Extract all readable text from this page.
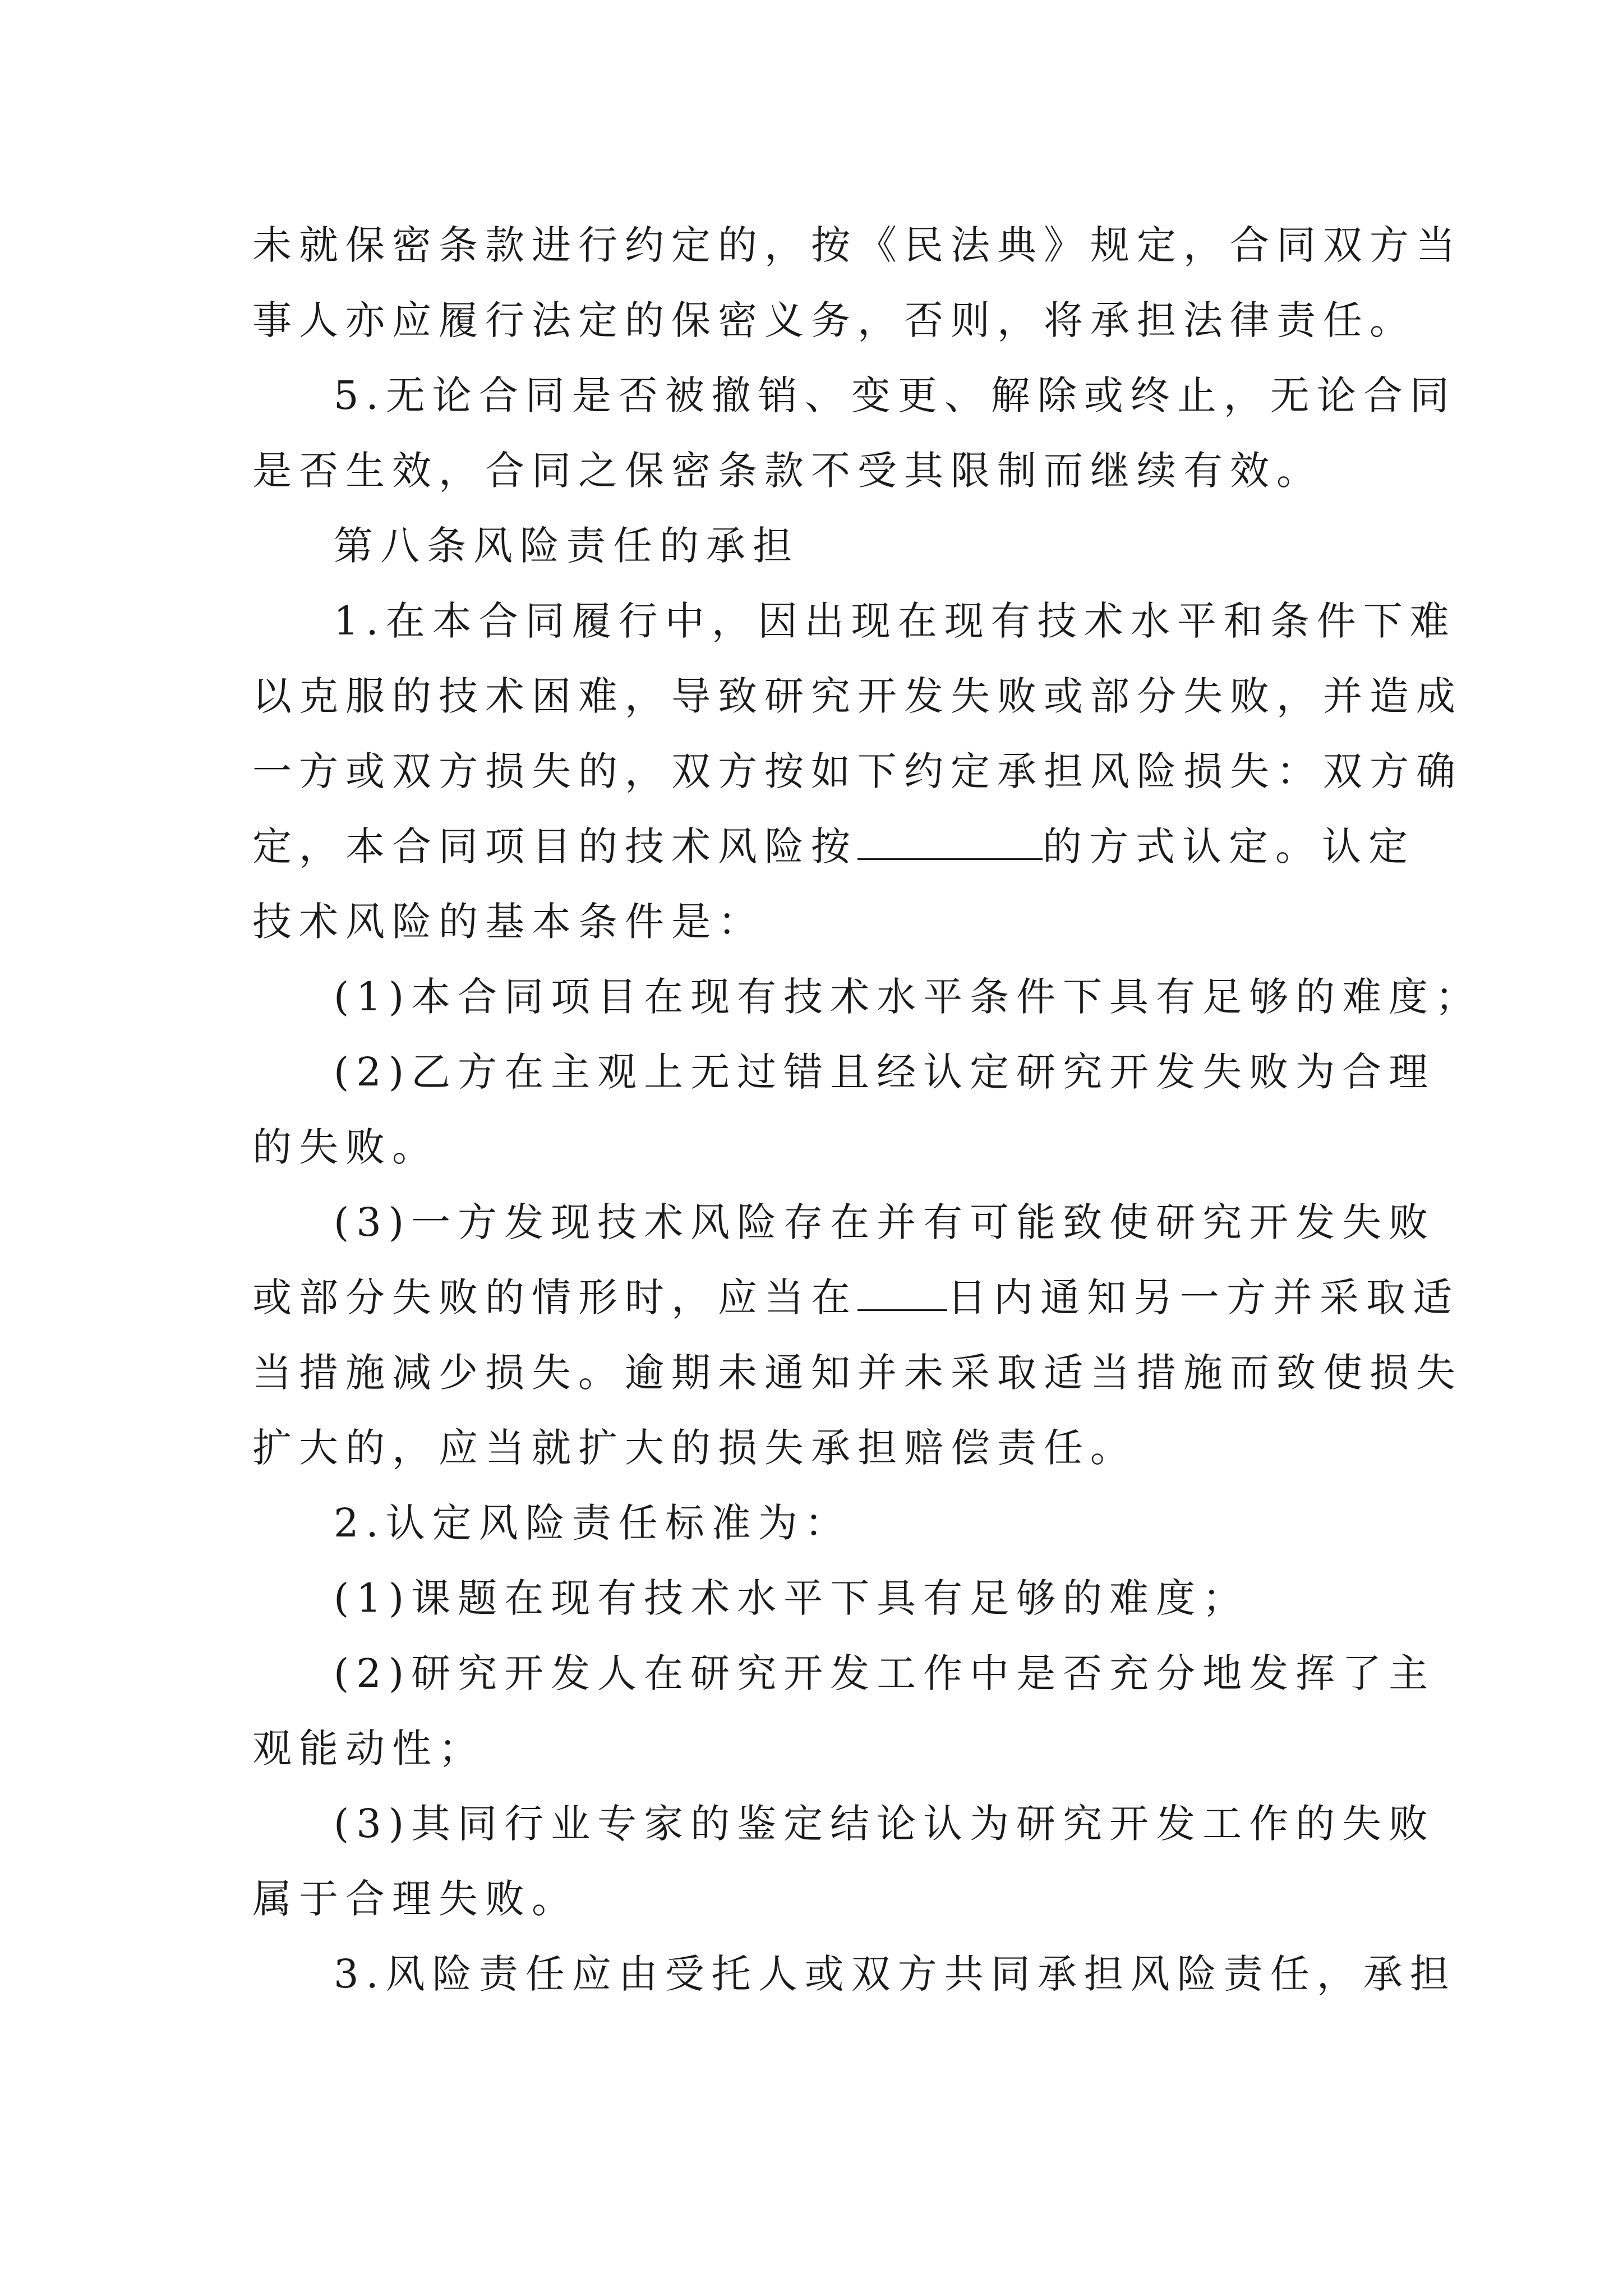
未就保密条款进行约定的，按《民法典》规定，合同双方当
事人亦应履行法定的保密义务，否则，将承担法律责任。
5.无论合同是否被撤销、变更、解除或终止，无论合同
是否生效，合同之保密条款不受其限制而继续有效。
第八条风险责任的承担
1.在本合同履行中，因出现在现有技术水平和条件下难
以克服的技术困难，导致研究开发失败或部分失败，并造成
一方或双方损失的，双方按如下约定承担风险损失：双方确
定，本合同项目的技术风险按	的方式认定。认定
技术风险的基本条件是：
(1)本合同项目在现有技术水平条件下具有足够的难度；
(2)乙方在主观上无过错且经认定研究开发失败为合理
的失败。
(3)一方发现技术风险存在并有可能致使研究开发失败
或部分失败的情形时，应当在 日内通知另一方并采取适
当措施减少损失。逾期未通知并未采取适当措施而致使损失
扩大的，应当就扩大的损失承担赔偿责任。
2.认定风险责任标准为：
(1)课题在现有技术水平下具有足够的难度；
(2)研究开发人在研究开发工作中是否充分地发挥了主
观能动性；
(3)其同行业专家的鉴定结论认为研究开发工作的失败
属于合理失败。
3.风险责任应由受托人或双方共同承担风险责任，承担
